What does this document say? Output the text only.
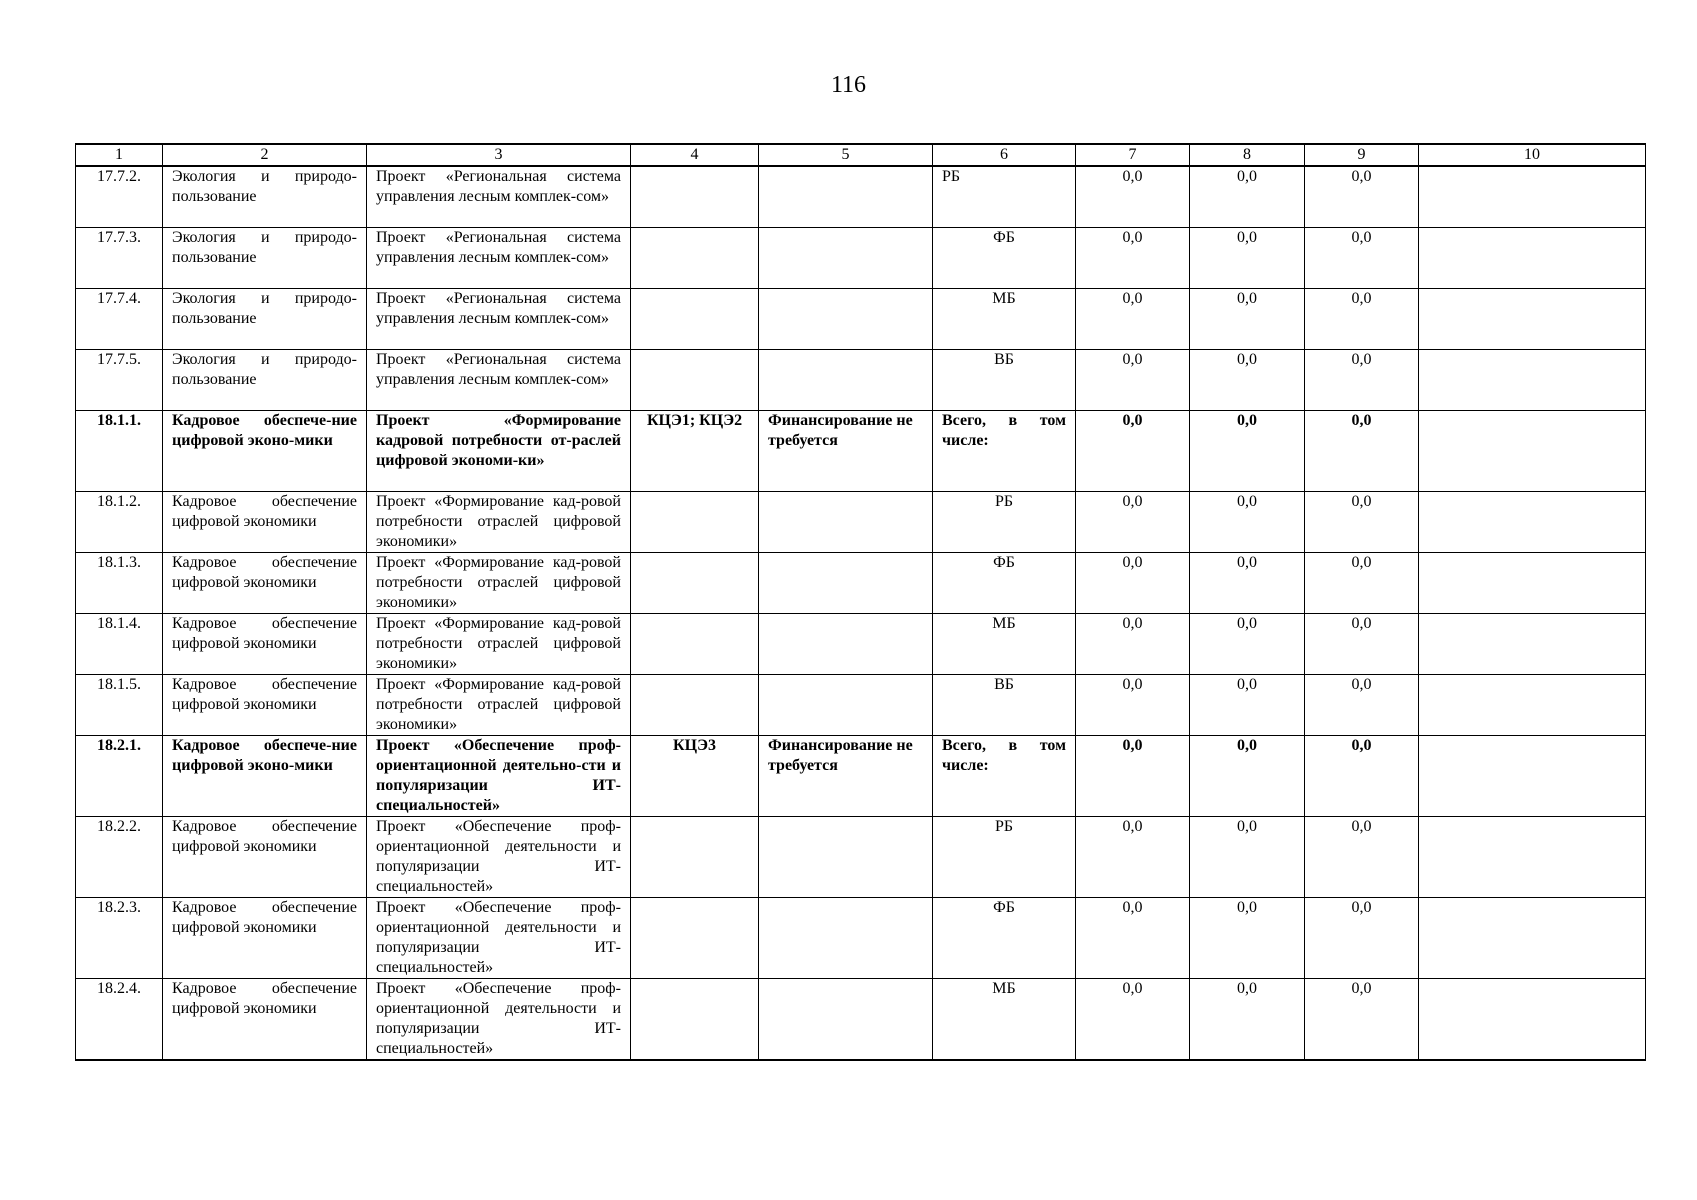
116
1	2	3	4	5	6	7	8	9	10
17.7.2.	Экология и природо-пользование	Проект «Региональная система управления лесным комплек-сом»			РБ	0,0	0,0	0,0	
17.7.3.	Экология и природо-пользование	Проект «Региональная система управления лесным комплек-сом»			ФБ	0,0	0,0	0,0	
17.7.4.	Экология и природо-пользование	Проект «Региональная система управления лесным комплек-сом»			МБ	0,0	0,0	0,0	
17.7.5.	Экология и природо-пользование	Проект «Региональная система управления лесным комплек-сом»			ВБ	0,0	0,0	0,0	
18.1.1.	Кадровое обеспече-ние цифровой эконо-мики	Проект «Формирование кадровой потребности от-раслей цифровой экономи-ки»	КЦЭ1; КЦЭ2	Финансирование не требуется	Всего, в том числе:	0,0	0,0	0,0	
18.1.2.	Кадровое обеспечение цифровой экономики	Проект «Формирование кад-ровой потребности отраслей цифровой экономики»			РБ	0,0	0,0	0,0	
18.1.3.	Кадровое обеспечение цифровой экономики	Проект «Формирование кад-ровой потребности отраслей цифровой экономики»			ФБ	0,0	0,0	0,0	
18.1.4.	Кадровое обеспечение цифровой экономики	Проект «Формирование кад-ровой потребности отраслей цифровой экономики»			МБ	0,0	0,0	0,0	
18.1.5.	Кадровое обеспечение цифровой экономики	Проект «Формирование кад-ровой потребности отраслей цифровой экономики»			ВБ	0,0	0,0	0,0	
18.2.1.	Кадровое обеспече-ние цифровой эконо-мики	Проект «Обеспечение проф-ориентационной деятельно-сти и популяризации ИТ-специальностей»	КЦЭ3	Финансирование не требуется	Всего, в том числе:	0,0	0,0	0,0	
18.2.2.	Кадровое обеспечение цифровой экономики	Проект «Обеспечение проф-ориентационной деятельности и популяризации ИТ-специальностей»			РБ	0,0	0,0	0,0	
18.2.3.	Кадровое обеспечение цифровой экономики	Проект «Обеспечение проф-ориентационной деятельности и популяризации ИТ-специальностей»			ФБ	0,0	0,0	0,0	
18.2.4.	Кадровое обеспечение цифровой экономики	Проект «Обеспечение проф-ориентационной деятельности и популяризации ИТ-специальностей»			МБ	0,0	0,0	0,0	
